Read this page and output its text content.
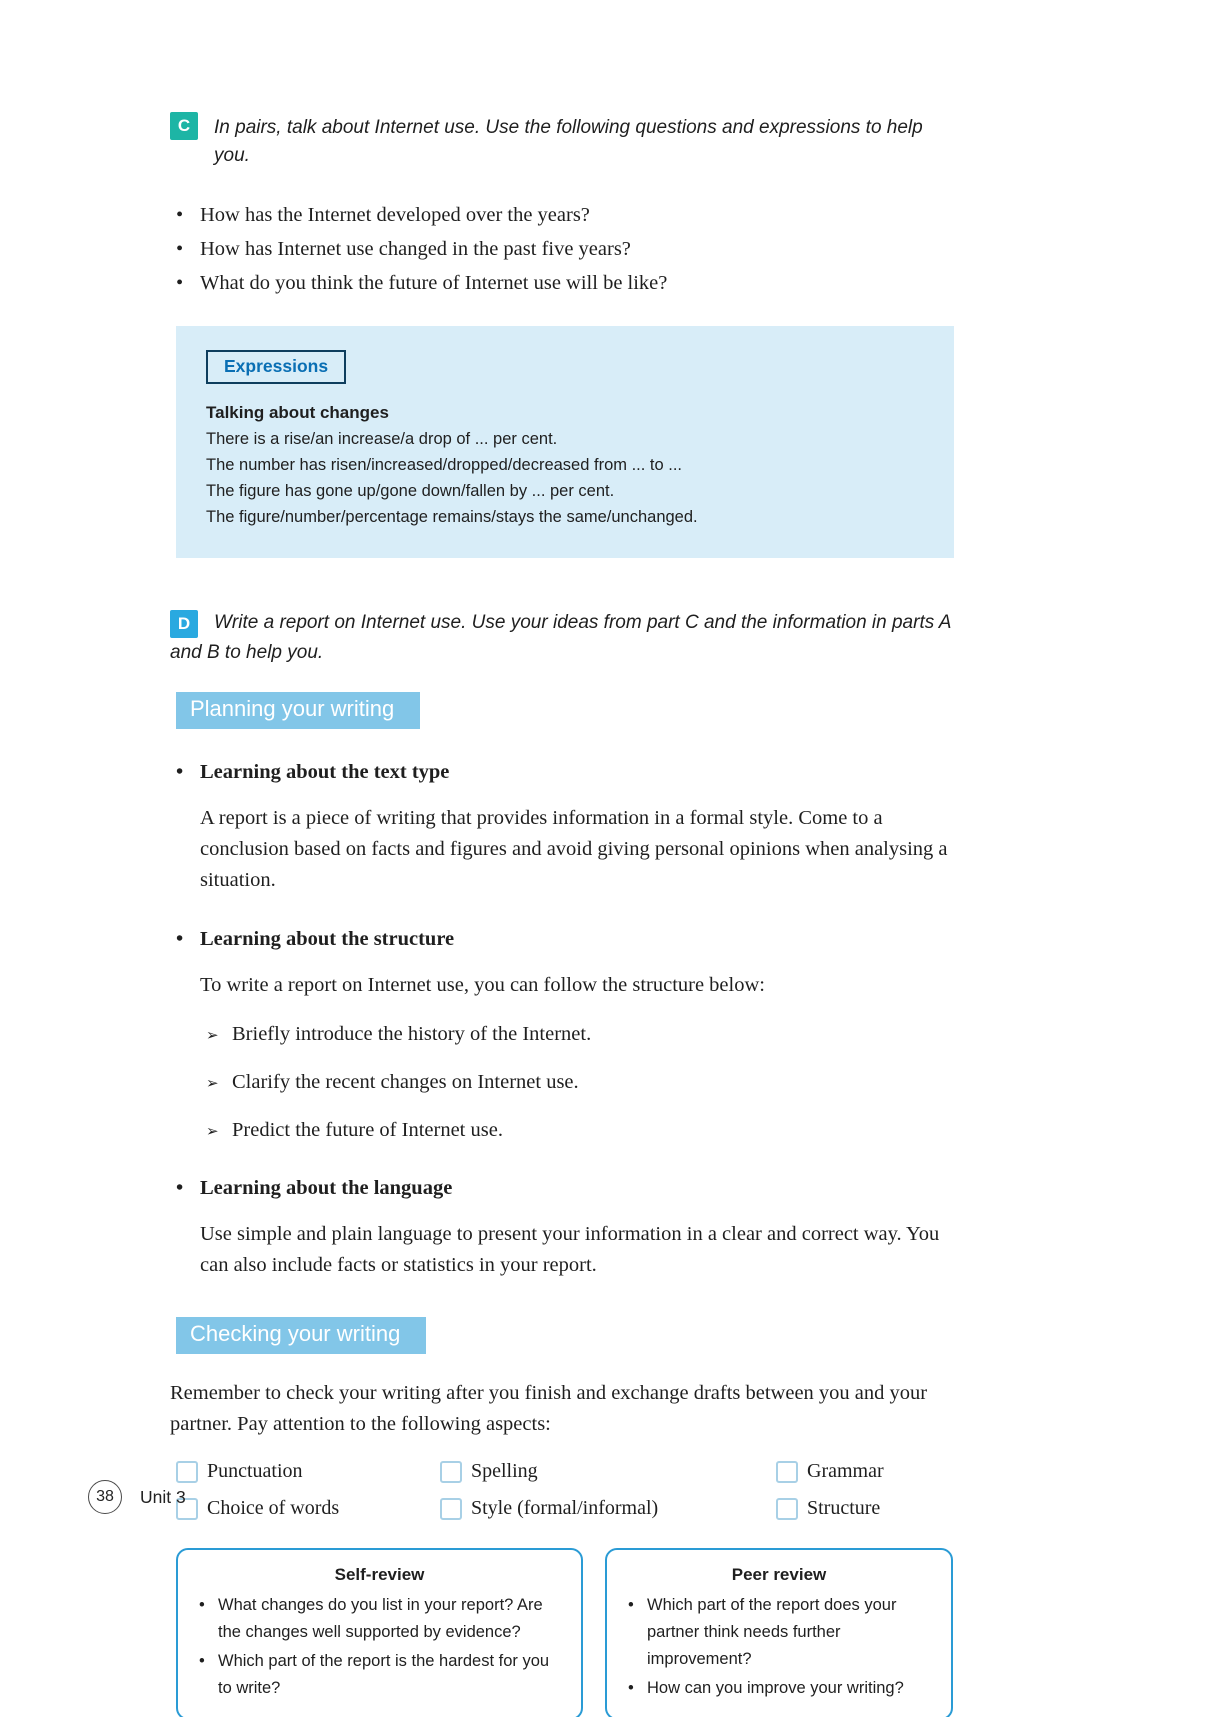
C	In pairs, talk about Internet use. Use the following questions and expressions to help you.
• How has the Internet developed over the years?
• How has Internet use changed in the past five years?
• What do you think the future of Internet use will be like?
Expressions
Talking about changes
There is a rise/an increase/a drop of ... per cent.
The number has risen/increased/dropped/decreased from ... to ...
The figure has gone up/gone down/fallen by ... per cent.
The figure/number/percentage remains/stays the same/unchanged.
D	Write a report on Internet use. Use your ideas from part C and the information in parts A and B to help you.
Planning your writing
• Learning about the text type
A report is a piece of writing that provides information in a formal style. Come to a conclusion based on facts and figures and avoid giving personal opinions when analysing a situation.
• Learning about the structure
To write a report on Internet use, you can follow the structure below:
➢
Briefly introduce the history of the Internet.
➢
Clarify the recent changes on Internet use.
➢
Predict the future of Internet use.
• Learning about the language
Use simple and plain language to present your information in a clear and correct way. You can also include facts or statistics in your report.
Checking your writing

Remember to check your writing after you finish and exchange drafts between you and your partner. Pay attention to the following aspects:

Punctuation	Spelling	Grammar
Choice of words	Style (formal/informal)	Structure
Self-review
• What changes do you list in your report? Are the changes well supported by evidence?
• Which part of the report is the hardest for you to write?
Peer review
• Which part of the report does your partner think needs further improvement?
• How can you improve your writing?
38	Unit 3
